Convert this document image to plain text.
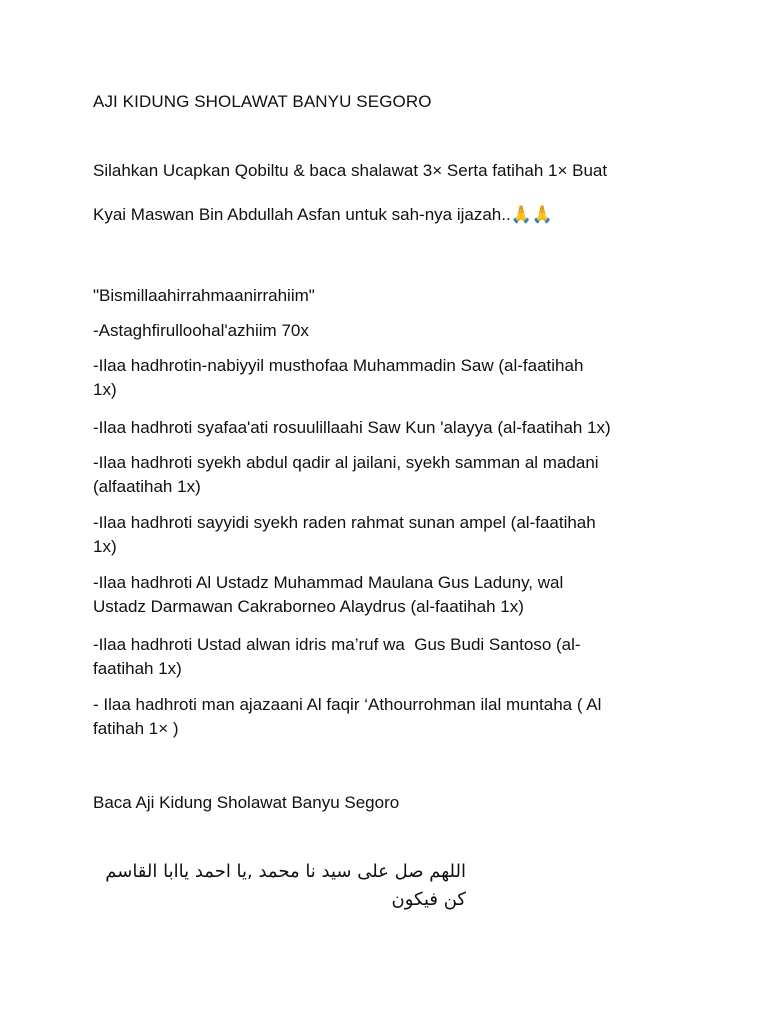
AJI KIDUNG SHOLAWAT BANYU SEGORO
Silahkan Ucapkan Qobiltu & baca shalawat 3× Serta fatihah 1× Buat
Kyai Maswan Bin Abdullah Asfan untuk sah-nya ijazah..🙏🙏
"Bismillaahirrahmaanirrahiim"
-Astaghfirulloohal'azhiim 70x
-Ilaa hadhrotin-nabiyyil musthofaa Muhammadin Saw (al-faatihah
1x)
-Ilaa hadhroti syafaa'ati rosuulillaahi Saw Kun 'alayya (al-faatihah 1x)
-Ilaa hadhroti syekh abdul qadir al jailani, syekh samman al madani
(alfaatihah 1x)
-Ilaa hadhroti sayyidi syekh raden rahmat sunan ampel (al-faatihah
1x)
-Ilaa hadhroti Al Ustadz Muhammad Maulana Gus Laduny, wal
Ustadz Darmawan Cakraborneo Alaydrus (al-faatihah 1x)
-Ilaa hadhroti Ustad alwan idris ma’ruf wa  Gus Budi Santoso (al-
faatihah 1x)
- Ilaa hadhroti man ajazaani Al faqir ‘Athourrohman ilal muntaha ( Al
fatihah 1× )
Baca Aji Kidung Sholawat Banyu Segoro
اللهم صل على سيد نا محمد ,يا احمد ياابا القاسم كن فيكون
